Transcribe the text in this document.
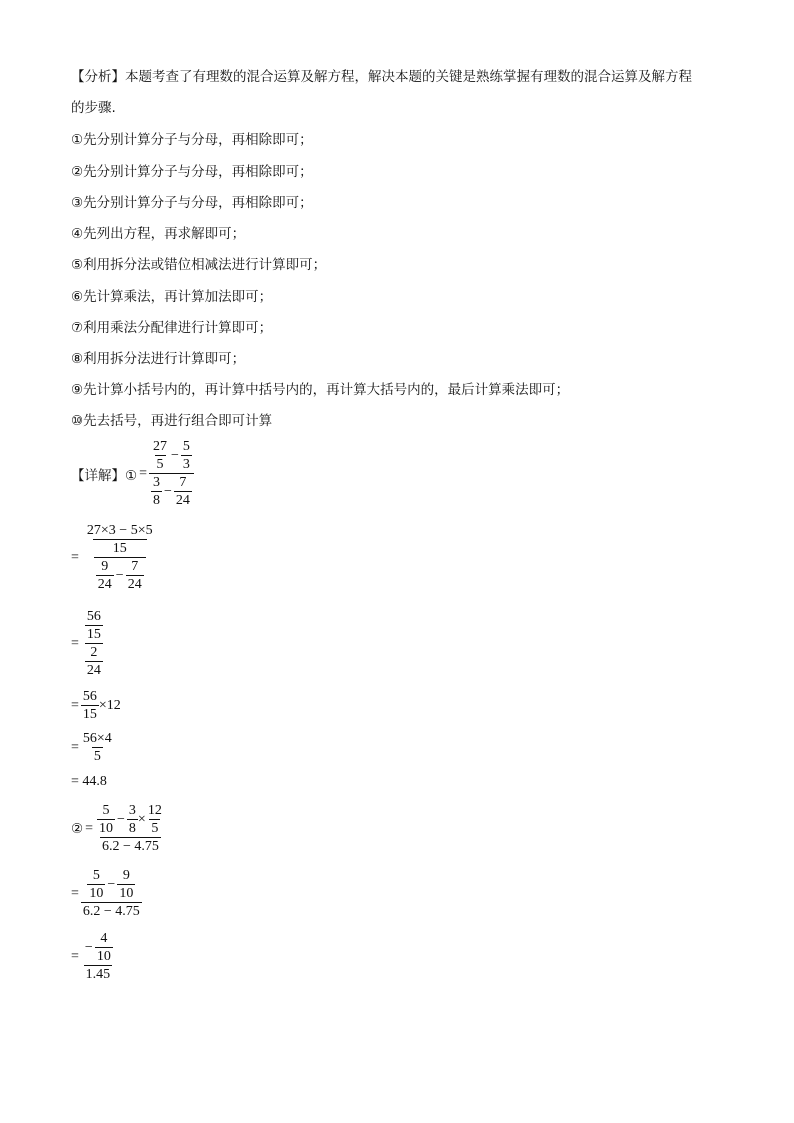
【分析】本题考查了有理数的混合运算及解方程，解决本题的关键是熟练掌握有理数的混合运算及解方程
的步骤.
①先分别计算分子与分母，再相除即可；
②先分别计算分子与分母，再相除即可；
③先分别计算分子与分母，再相除即可；
④先列出方程，再求解即可；
⑤利用拆分法或错位相减法进行计算即可；
⑥先计算乘法，再计算加法即可；
⑦利用乘法分配律进行计算即可；
⑧利用拆分法进行计算即可；
⑨先计算小括号内的，再计算中括号内的，再计算大括号内的，最后计算乘法即可；
⑩先去括号，再进行组合即可计算
【详解】① = $\frac{\frac{27}{5} - \frac{5}{3}}{\frac{3}{8} - \frac{7}{24}}$
= $\frac{\frac{27\times 3 - 5\times 5}{15}}{\frac{9}{24} - \frac{7}{24}}$
= $\frac{\frac{56}{15}}{\frac{2}{24}}$
= $\frac{56}{15} \times 12$
= $\frac{56\times 4}{5}$
= 44.8
② = $\frac{\frac{5}{10} - \frac{3}{8} \times \frac{12}{5}}{6.2 - 4.75}$
= $\frac{\frac{5}{10} - \frac{9}{10}}{6.2 - 4.75}$
= $\frac{- \frac{4}{10}}{1.45}$
